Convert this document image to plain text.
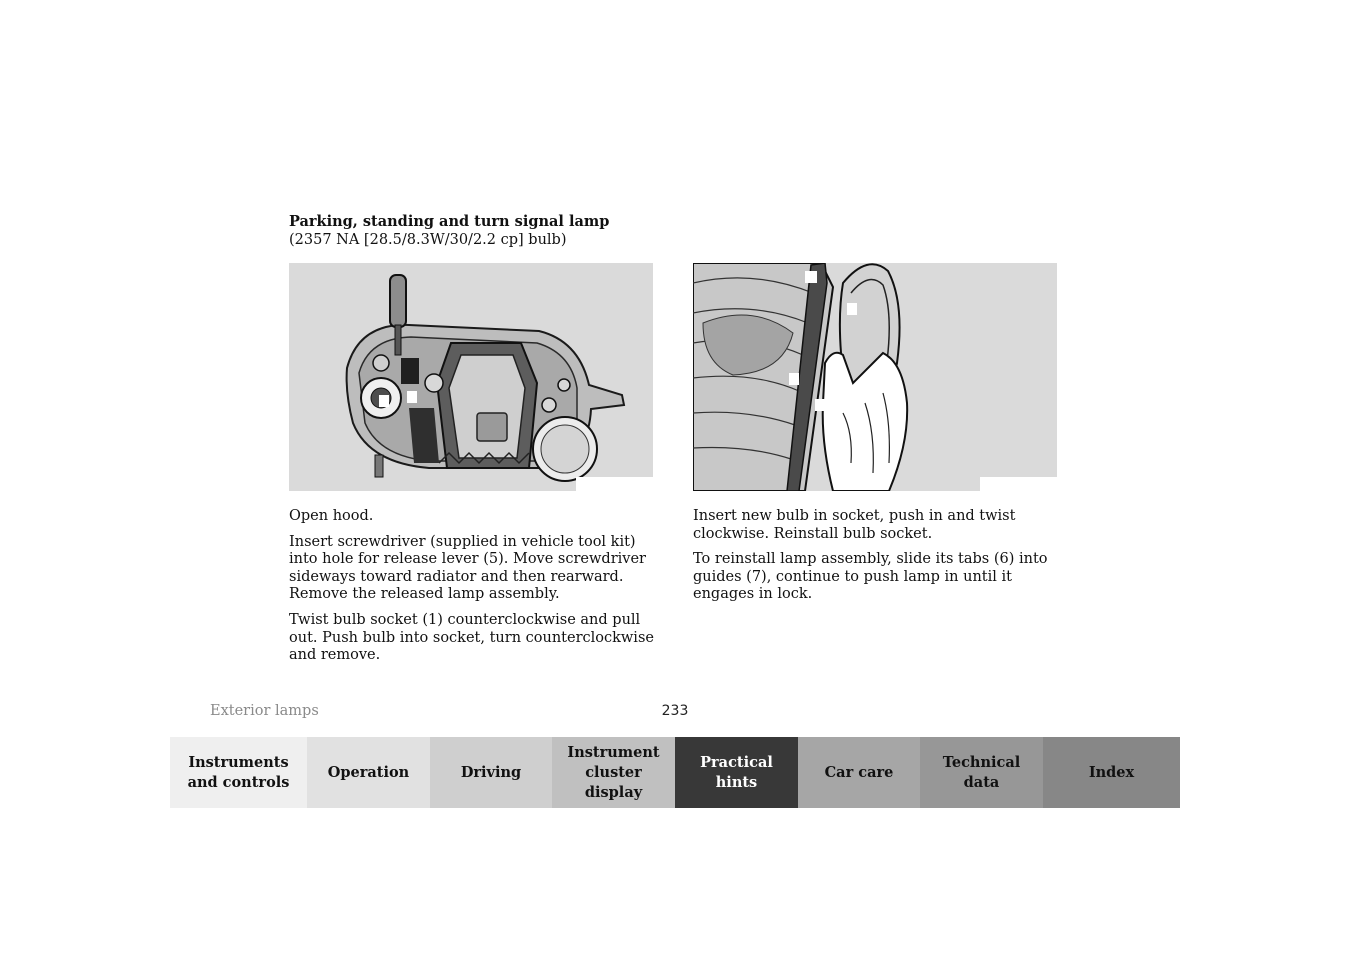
Parking, standing and turn signal lamp
(2357 NA [28.5/8.3W/30/2.2 cp] bulb)

Open hood.

Insert screwdriver (supplied in vehicle tool kit) into hole for release lever (5). Move screwdriver sideways toward radiator and then rearward. Remove the released lamp assembly.

Twist bulb socket (1) counterclockwise and pull out. Push bulb into socket, turn counterclockwise and remove.

Insert new bulb in socket, push in and twist clockwise. Reinstall bulb socket.

To reinstall lamp assembly, slide its tabs (6) into guides (7), continue to push lamp in until it engages in lock.

Exterior lamps	233
Instruments
and controls
Operation	Driving
Instrument
cluster display
Practical hints
Car care
Technical
data
Index
